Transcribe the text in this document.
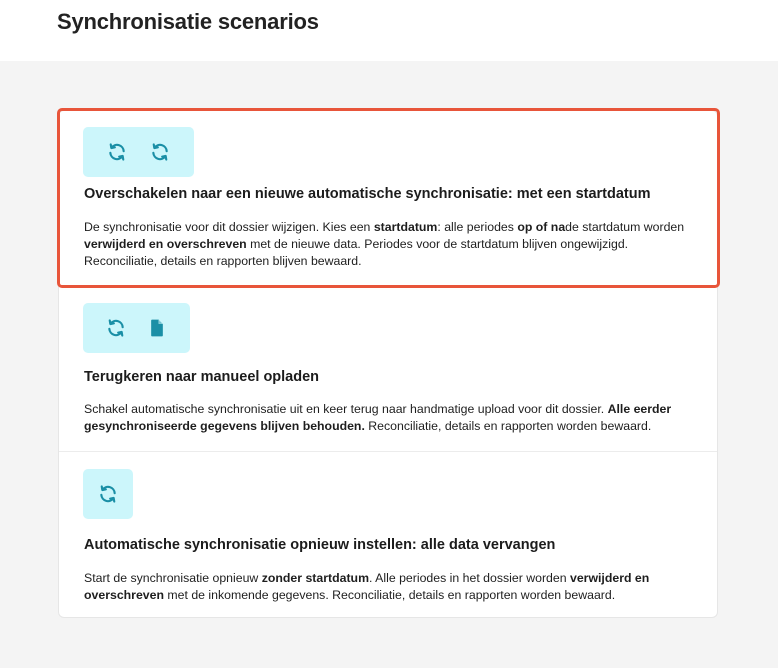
Synchronisatie scenarios
Overschakelen naar een nieuwe automatische synchronisatie: met een startdatum

De synchronisatie voor dit dossier wijzigen. Kies een startdatum: alle periodes op of nade startdatum worden verwijderd en overschreven met de nieuwe data. Periodes voor de startdatum blijven ongewijzigd. Reconciliatie, details en rapporten blijven bewaard.

Terugkeren naar manueel opladen

Schakel automatische synchronisatie uit en keer terug naar handmatige upload voor dit dossier. Alle eerder gesynchroniseerde gegevens blijven behouden. Reconciliatie, details en rapporten worden bewaard.

Automatische synchronisatie opnieuw instellen: alle data vervangen

Start de synchronisatie opnieuw zonder startdatum. Alle periodes in het dossier worden verwijderd en overschreven met de inkomende gegevens. Reconciliatie, details en rapporten worden bewaard.
